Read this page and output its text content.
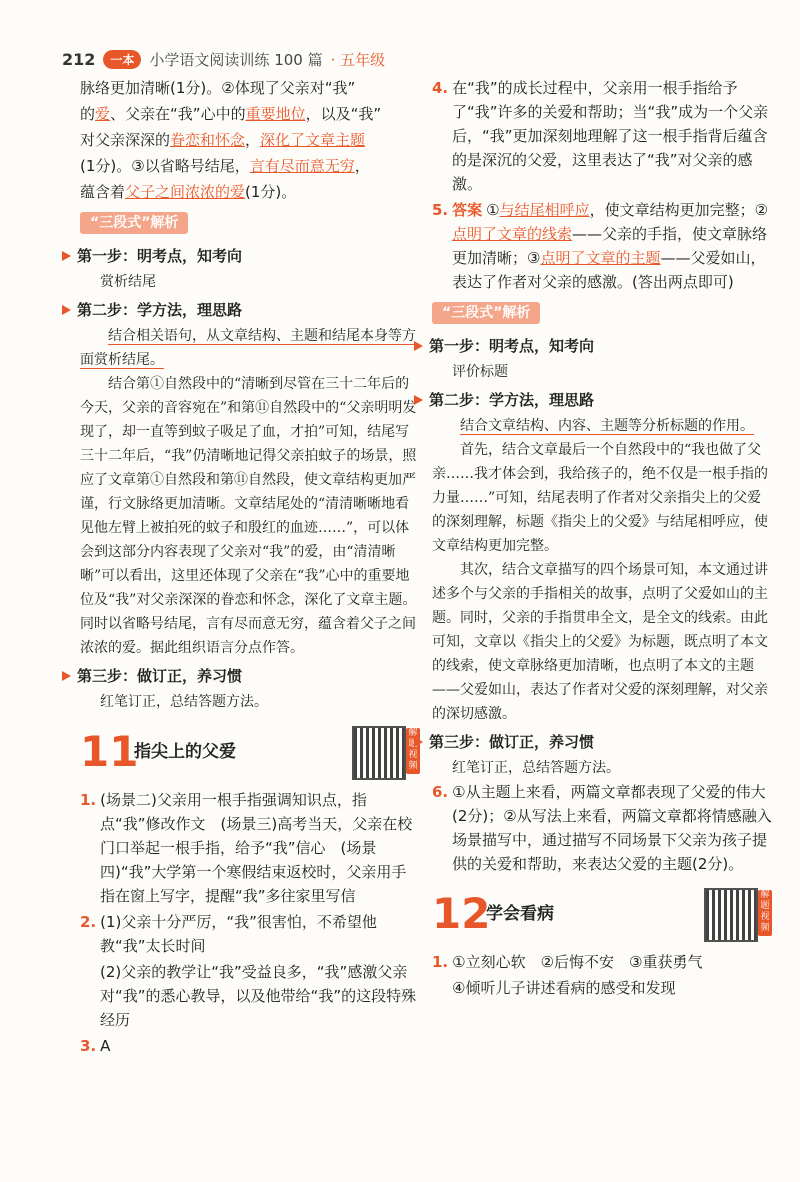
212	一本	小学语文阅读训练 100 篇 · 五年级

脉络更加清晰(1分)。②体现了父亲对“我”

的爱、父亲在“我”心中的重要地位，以及“我”

对父亲深深的眷恋和怀念，深化了文章主题

(1分)。③以省略号结尾，言有尽而意无穷，

蕴含着父子之间浓浓的爱(1分)。

“三段式”解析
第一步：明考点，知考向
赏析结尾
第二步：学方法，理思路

结合相关语句，从文章结构、主题和结尾本身等方面赏析结尾。

结合第①自然段中的“清晰到尽管在三十二年后的今天，父亲的音容宛在”和第⑪自然段中的“父亲明明发现了，却一直等到蚊子吸足了血，才拍”可知，结尾写三十二年后，“我”仍清晰地记得父亲拍蚊子的场景，照应了文章第①自然段和第⑪自然段，使文章结构更加严谨，行文脉络更加清晰。文章结尾处的“清清晰晰地看见他左臂上被拍死的蚊子和殷红的血迹……”，可以体会到这部分内容表现了父亲对“我”的爱，由“清清晰晰”可以看出，这里还体现了父亲在“我”心中的重要地位及“我”对父亲深深的眷恋和怀念，深化了文章主题。同时以省略号结尾，言有尽而意无穷，蕴含着父子之间浓浓的爱。据此组织语言分点作答。

第三步：做订正，养习惯
红笔订正，总结答题方法。
11
指尖上的父爱
解题视频

1. (场景二)父亲用一根手指强调知识点，指点“我”修改作文　(场景三)高考当天，父亲在校门口举起一根手指，给予“我”信心　(场景四)“我”大学第一个寒假结束返校时，父亲用手指在窗上写字，提醒“我”多往家里写信

2. (1)父亲十分严厉，“我”很害怕，不希望他教“我”太长时间

(2)父亲的教学让“我”受益良多，“我”感激父亲对“我”的悉心教导，以及他带给“我”的这段特殊经历

3. A

4. 在“我”的成长过程中，父亲用一根手指给予了“我”许多的关爱和帮助；当“我”成为一个父亲后，“我”更加深刻地理解了这一根手指背后蕴含的是深沉的父爱，这里表达了“我”对父亲的感激。

5. 答案 ①与结尾相呼应，使文章结构更加完整；②点明了文章的线索——父亲的手指，使文章脉络更加清晰；③点明了文章的主题——父爱如山，表达了作者对父亲的感激。(答出两点即可)

“三段式”解析
第一步：明考点，知考向
评价标题
第二步：学方法，理思路

结合文章结构、内容、主题等分析标题的作用。

首先，结合文章最后一个自然段中的“我也做了父亲……我才体会到，我给孩子的，绝不仅是一根手指的力量……”可知，结尾表明了作者对父亲指尖上的父爱的深刻理解，标题《指尖上的父爱》与结尾相呼应，使文章结构更加完整。

其次，结合文章描写的四个场景可知，本文通过讲述多个与父亲的手指相关的故事，点明了父爱如山的主题。同时，父亲的手指贯串全文，是全文的线索。由此可知，文章以《指尖上的父爱》为标题，既点明了本文的线索，使文章脉络更加清晰，也点明了本文的主题——父爱如山，表达了作者对父爱的深刻理解，对父亲的深切感激。

第三步：做订正，养习惯
红笔订正，总结答题方法。

6. ①从主题上来看，两篇文章都表现了父爱的伟大(2分)；②从写法上来看，两篇文章都将情感融入场景描写中，通过描写不同场景下父亲为孩子提供的关爱和帮助，来表达父爱的主题(2分)。

12
学会看病
解题视频

1. ①立刻心软　②后悔不安　③重获勇气

④倾听儿子讲述看病的感受和发现
